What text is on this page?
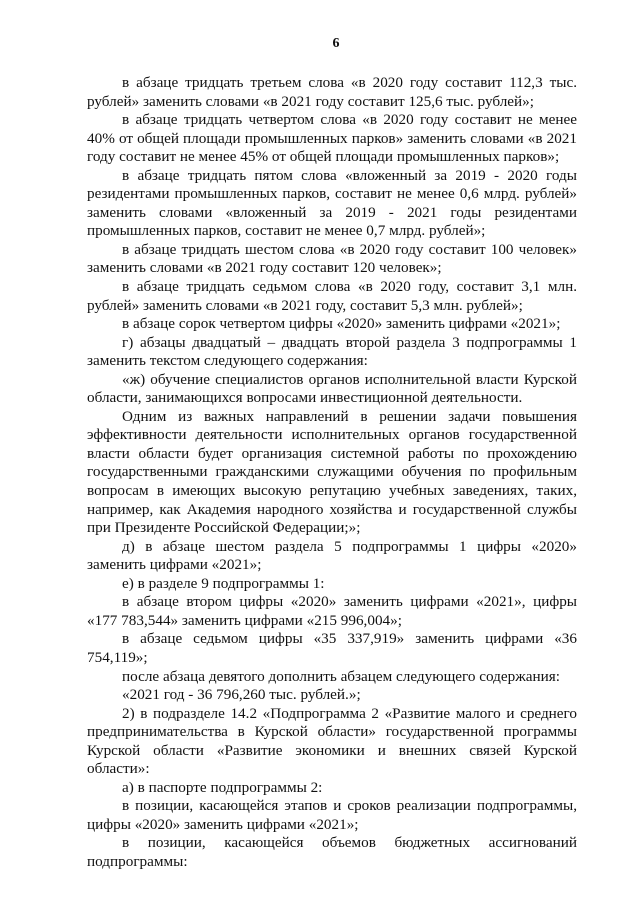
6

в абзаце тридцать третьем слова «в 2020 году составит 112,3 тыс. рублей» заменить словами «в 2021 году составит 125,6 тыс. рублей»;

в абзаце тридцать четвертом слова «в 2020 году составит не менее 40% от общей площади промышленных парков» заменить словами «в 2021 году составит не менее 45% от общей площади промышленных парков»;

в абзаце тридцать пятом слова «вложенный за 2019 - 2020 годы резидентами промышленных парков, составит не менее 0,6 млрд. рублей» заменить словами «вложенный за 2019 - 2021 годы резидентами промышленных парков, составит не менее 0,7 млрд. рублей»;

в абзаце тридцать шестом слова «в 2020 году составит 100 человек» заменить словами «в 2021 году составит 120 человек»;

в абзаце тридцать седьмом слова «в 2020 году, составит 3,1 млн. рублей» заменить словами «в 2021 году, составит 5,3 млн. рублей»;

в абзаце сорок четвертом цифры «2020» заменить цифрами «2021»;

г) абзацы двадцатый – двадцать второй раздела 3 подпрограммы 1 заменить текстом следующего содержания:

«ж) обучение специалистов органов исполнительной власти Курской области, занимающихся вопросами инвестиционной деятельности.

Одним из важных направлений в решении задачи повышения эффективности деятельности исполнительных органов государственной власти области будет организация системной работы по прохождению государственными гражданскими служащими обучения по профильным вопросам в имеющих высокую репутацию учебных заведениях, таких, например, как Академия народного хозяйства и государственной службы при Президенте Российской Федерации;»;

д) в абзаце шестом раздела 5 подпрограммы 1 цифры «2020» заменить цифрами «2021»;

е) в разделе 9 подпрограммы 1:

в абзаце втором цифры «2020» заменить цифрами «2021», цифры «177 783,544» заменить цифрами «215 996,004»;

в абзаце седьмом цифры «35 337,919» заменить цифрами «36 754,119»;

после абзаца девятого дополнить абзацем следующего содержания:

«2021 год - 36 796,260 тыс. рублей.»;

2) в подразделе 14.2 «Подпрограмма 2 «Развитие малого и среднего предпринимательства в Курской области» государственной программы Курской области «Развитие экономики и внешних связей Курской области»:

а) в паспорте подпрограммы 2:

в позиции, касающейся этапов и сроков реализации подпрограммы, цифры «2020» заменить цифрами «2021»;

в позиции, касающейся объемов бюджетных ассигнований подпрограммы:
